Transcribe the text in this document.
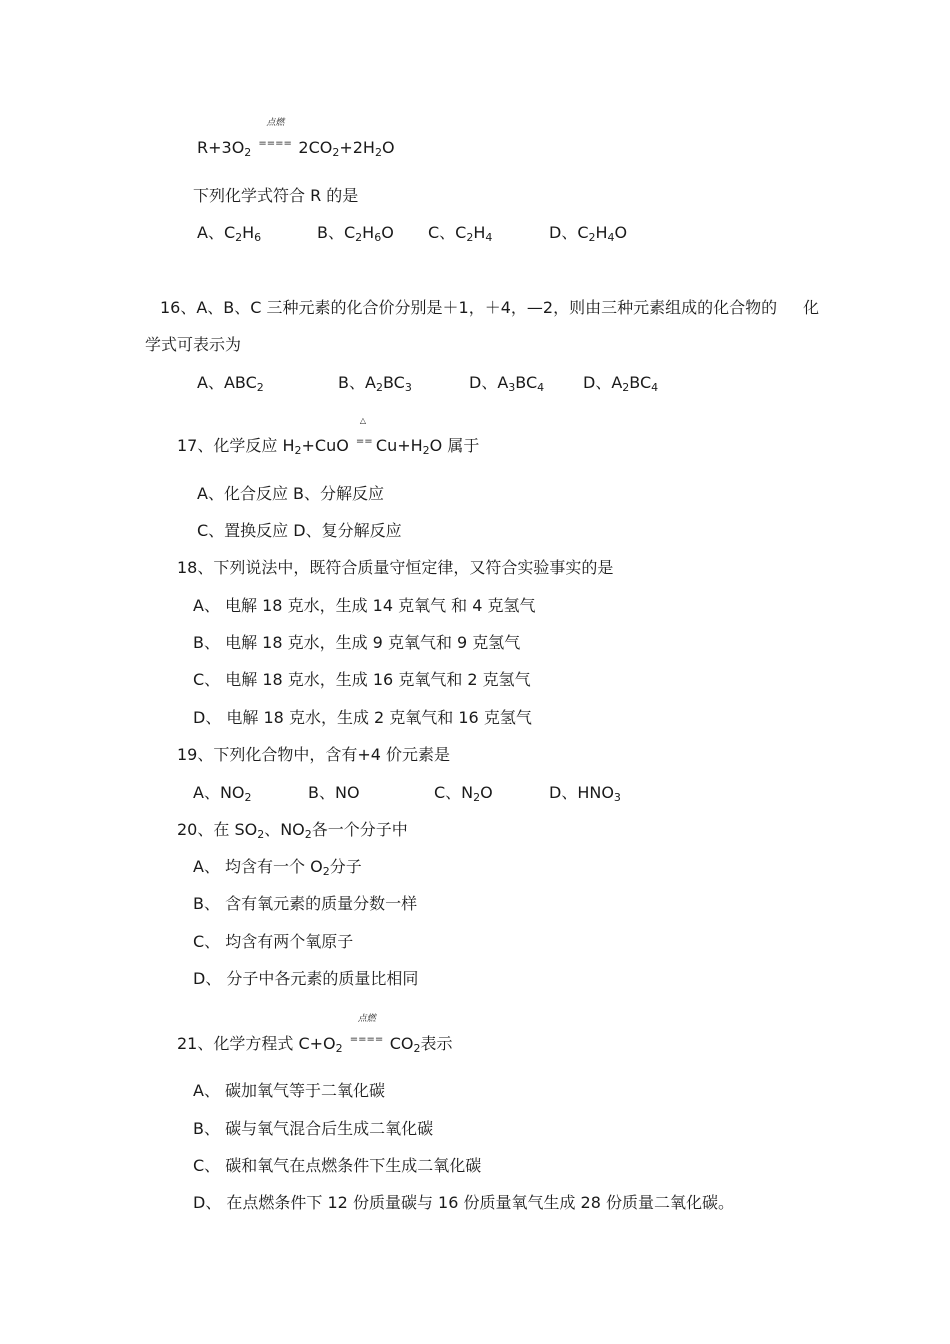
R+3O2
点燃
==== 2CO2+2H2O
下列化学式符合 R 的是
A、C2H6	B、C2H6O C、C2H4	D、C2H4O
16、A、B、C 三种元素的化合价分别是＋1，＋4，—2，则由三种元素组成的化合物的 化
学式可表示为
A、ABC2	B、A2BC3	D、A3BC4 D、A2BC4
17、化学反应 H2+CuO
△
== Cu+H2O 属于
A、化合反应 B、分解反应
C、置换反应 D、复分解反应
18、下列说法中，既符合质量守恒定律，又符合实验事实的是
A、 电解 18 克水，生成 14 克氧气 和 4 克氢气
B、 电解 18 克水，生成 9 克氧气和 9 克氢气
C、 电解 18 克水，生成 16 克氧气和 2 克氢气
D、 电解 18 克水，生成 2 克氧气和 16 克氢气
19、下列化合物中，含有+4 价元素是
A、NO2	B、NO	C、N2O	D、HNO3
20、在 SO2、NO2各一个分子中
A、 均含有一个 O2分子
B、 含有氧元素的质量分数一样
C、 均含有两个氧原子
D、 分子中各元素的质量比相同
21、化学方程式 C+O2
点燃
==== CO2表示
A、 碳加氧气等于二氧化碳
B、 碳与氧气混合后生成二氧化碳
C、 碳和氧气在点燃条件下生成二氧化碳
D、 在点燃条件下 12 份质量碳与 16 份质量氧气生成 28 份质量二氧化碳。
